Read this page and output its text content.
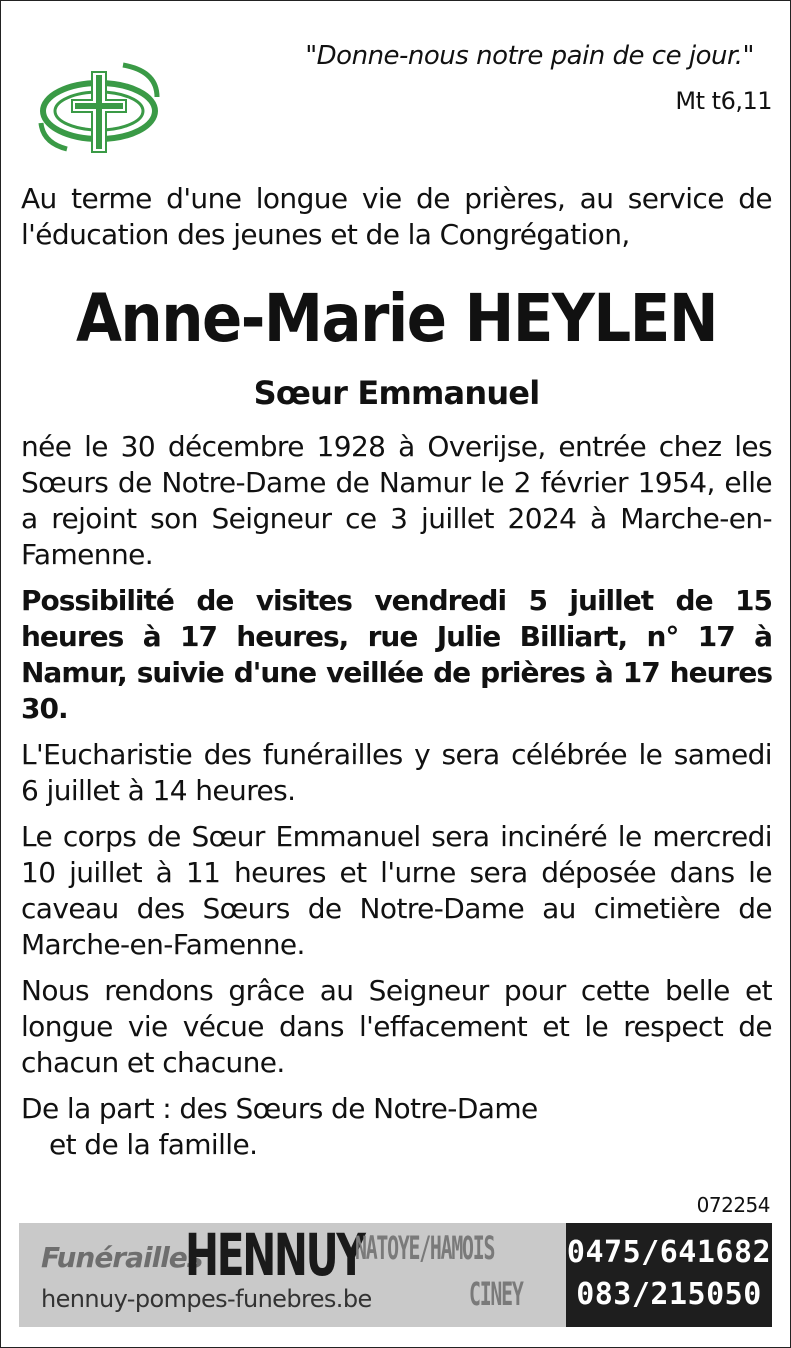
"Donne-nous notre pain de ce jour."
Mt t6,11

Au terme d'une longue vie de prières, au service de l'éducation des jeunes et de la Congrégation,

Anne-Marie HEYLEN

Sœur Emmanuel

née le 30 décembre 1928 à Overijse, entrée chez les Sœurs de Notre-Dame de Namur le 2 février 1954, elle a rejoint son Seigneur ce 3 juillet 2024 à Marche-en-Famenne.

Possibilité de visites vendredi 5 juillet de 15 heures à 17 heures, rue Julie Billiart, n° 17 à Namur, suivie d'une veillée de prières à 17 heures 30.

L'Eucharistie des funérailles y sera célébrée le samedi 6 juillet à 14 heures.

Le corps de Sœur Emmanuel sera incinéré le mercredi 10 juillet à 11 heures et l'urne sera déposée dans le caveau des Sœurs de Notre-Dame au cimetière de Marche-en-Famenne.

Nous rendons grâce au Seigneur pour cette belle et longue vie vécue dans l'effacement et le respect de chacun et chacune.

De la part : des Sœurs de Notre-Dame

et de la famille.

072254
Funérailles
HENNUY
NATOYE/HAMOIS
CINEY
hennuy-pompes-funebres.be
0475/641682
083/215050
